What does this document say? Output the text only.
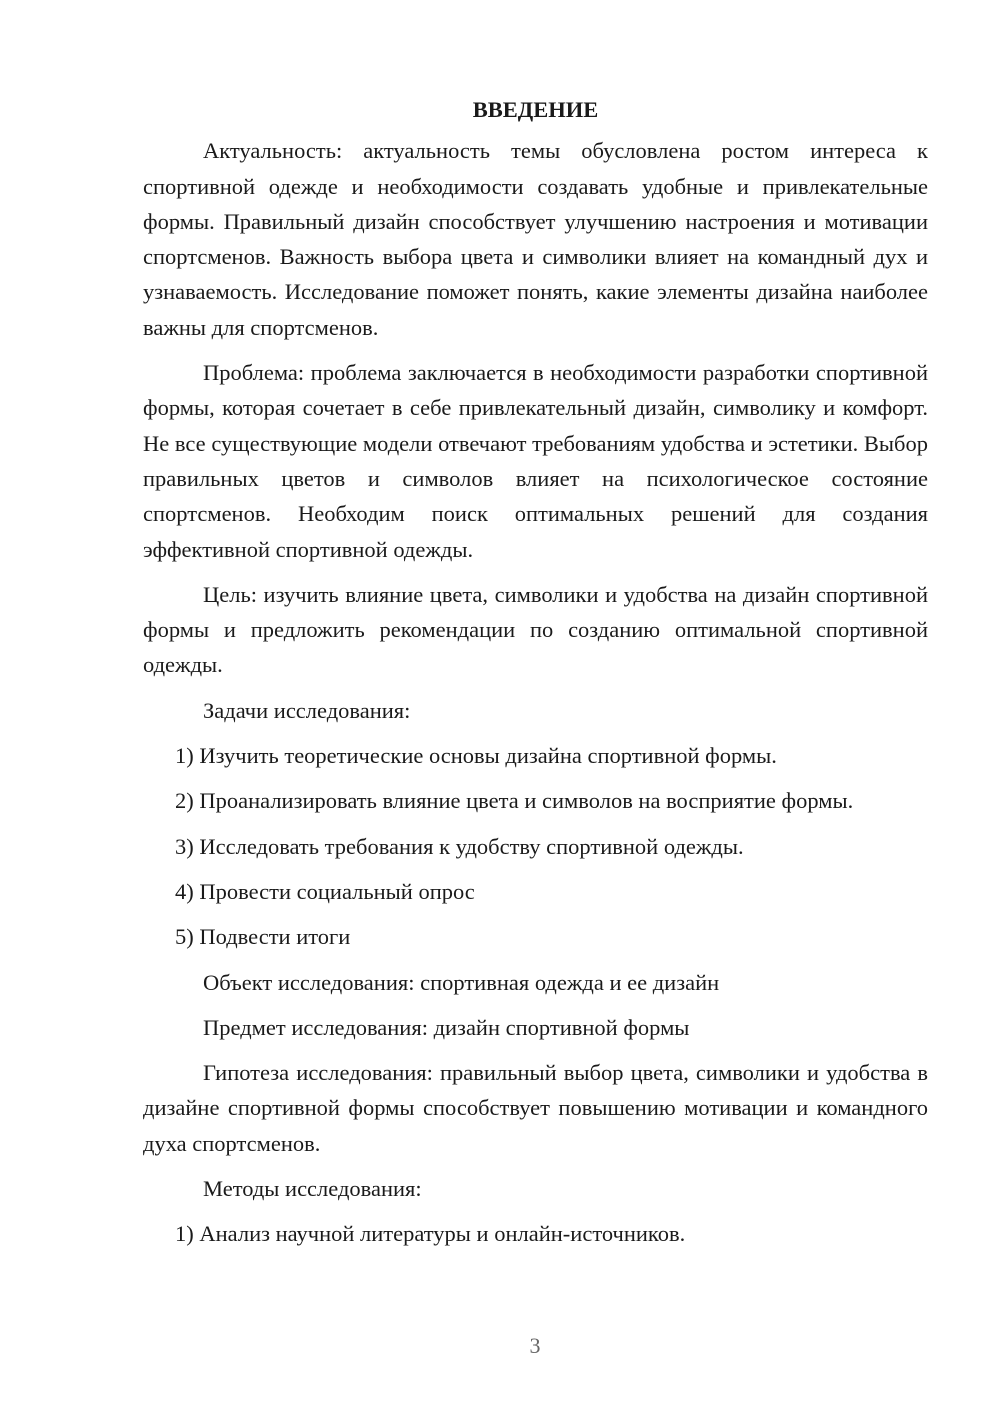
ВВЕДЕНИЕ

Актуальность: актуальность темы обусловлена ростом интереса к спортивной одежде и необходимости создавать удобные и привлекательные формы. Правильный дизайн способствует улучшению настроения и мотивации спортсменов. Важность выбора цвета и символики влияет на командный дух и узнаваемость. Исследование поможет понять, какие элементы дизайна наиболее важны для спортсменов.

Проблема: проблема заключается в необходимости разработки спортивной формы, которая сочетает в себе привлекательный дизайн, символику и комфорт. Не все существующие модели отвечают требованиям удобства и эстетики. Выбор правильных цветов и символов влияет на психологическое состояние спортсменов. Необходим поиск оптимальных решений для создания эффективной спортивной одежды.

Цель: изучить влияние цвета, символики и удобства на дизайн спортивной формы и предложить рекомендации по созданию оптимальной спортивной одежды.

Задачи исследования:
1) Изучить теоретические основы дизайна спортивной формы.
2) Проанализировать влияние цвета и символов на восприятие формы.
3) Исследовать требования к удобству спортивной одежды.
4) Провести социальный опрос
5) Подвести итоги
Объект исследования: спортивная одежда и ее дизайн
Предмет исследования: дизайн спортивной формы

Гипотеза исследования: правильный выбор цвета, символики и удобства в дизайне спортивной формы способствует повышению мотивации и командного духа спортсменов.

Методы исследования:
1) Анализ научной литературы и онлайн-источников.
3
